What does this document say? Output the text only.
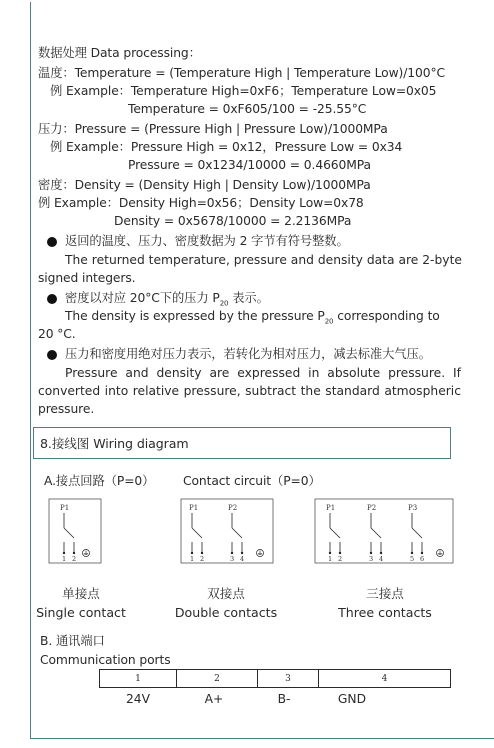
数据处理 Data processing：
温度：Temperature = (Temperature High | Temperature Low)/100°C
例 Example：Temperature High=0xF6；Temperature Low=0x05
Temperature = 0xF605/100 = -25.55°C
压力：Pressure = (Pressure High | Pressure Low)/1000MPa
例 Example：Pressure High = 0x12，Pressure Low = 0x34
Pressure = 0x1234/10000 = 0.4660MPa
密度：Density = (Density High | Density Low)/1000MPa
例 Example：Density High=0x56；Density Low=0x78
Density = 0x5678/10000 = 2.2136MPa
返回的温度、压力、密度数据为 2 字节有符号整数。
The returned temperature, pressure and density data are 2-byte
signed integers.
密度以对应 20°C下的压力 $P_{20}$ 表示。
The density is expressed by the pressure $P_{20}$ corresponding to
20 °C.
压力和密度用绝对压力表示，若转化为相对压力，减去标准大气压。
Pressure and density are expressed in absolute pressure. If
converted into relative pressure, subtract the standard atmospheric
pressure.
8.接线图 Wiring diagram
A.接点回路（P=0） Contact circuit（P=0）
P1
1 2
P1	P2
1 2	3 4
P1	P2	P3
1 2	3 4	5 6
单接点
Single contact
双接点
Double contacts
三接点
Three contacts
B. 通讯端口
Communication ports
1	2	3	4
24V	A+	B-	GND
